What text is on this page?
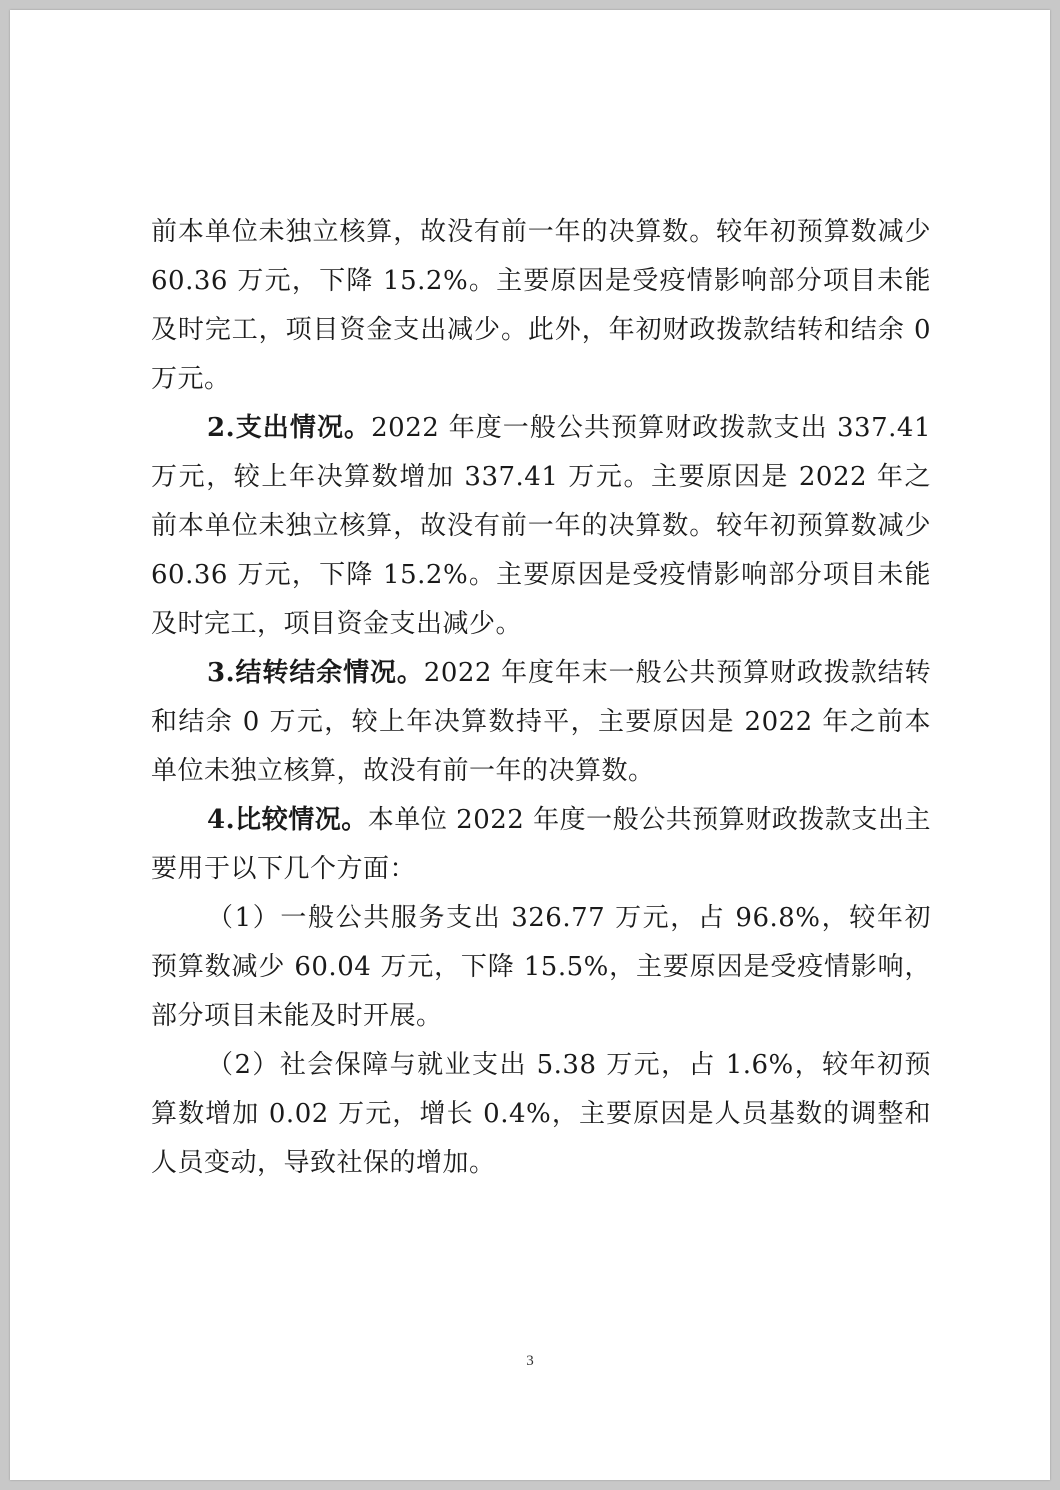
前本单位未独立核算，故没有前一年的决算数。较年初预算数减少 60.36 万元，下降 15.2%。主要原因是受疫情影响部分项目未能及时完工，项目资金支出减少。此外，年初财政拨款结转和结余 0 万元。

2.支出情况。2022 年度一般公共预算财政拨款支出 337.41 万元，较上年决算数增加 337.41 万元。主要原因是 2022 年之前本单位未独立核算，故没有前一年的决算数。较年初预算数减少 60.36 万元，下降 15.2%。主要原因是受疫情影响部分项目未能及时完工，项目资金支出减少。

3.结转结余情况。2022 年度年末一般公共预算财政拨款结转和结余 0 万元，较上年决算数持平，主要原因是 2022 年之前本单位未独立核算，故没有前一年的决算数。

4.比较情况。本单位 2022 年度一般公共预算财政拨款支出主要用于以下几个方面：

（1）一般公共服务支出 326.77 万元，占 96.8%，较年初预算数减少 60.04 万元，下降 15.5%，主要原因是受疫情影响，部分项目未能及时开展。

（2）社会保障与就业支出 5.38 万元，占 1.6%，较年初预算数增加 0.02 万元，增长 0.4%，主要原因是人员基数的调整和人员变动，导致社保的增加。

3
